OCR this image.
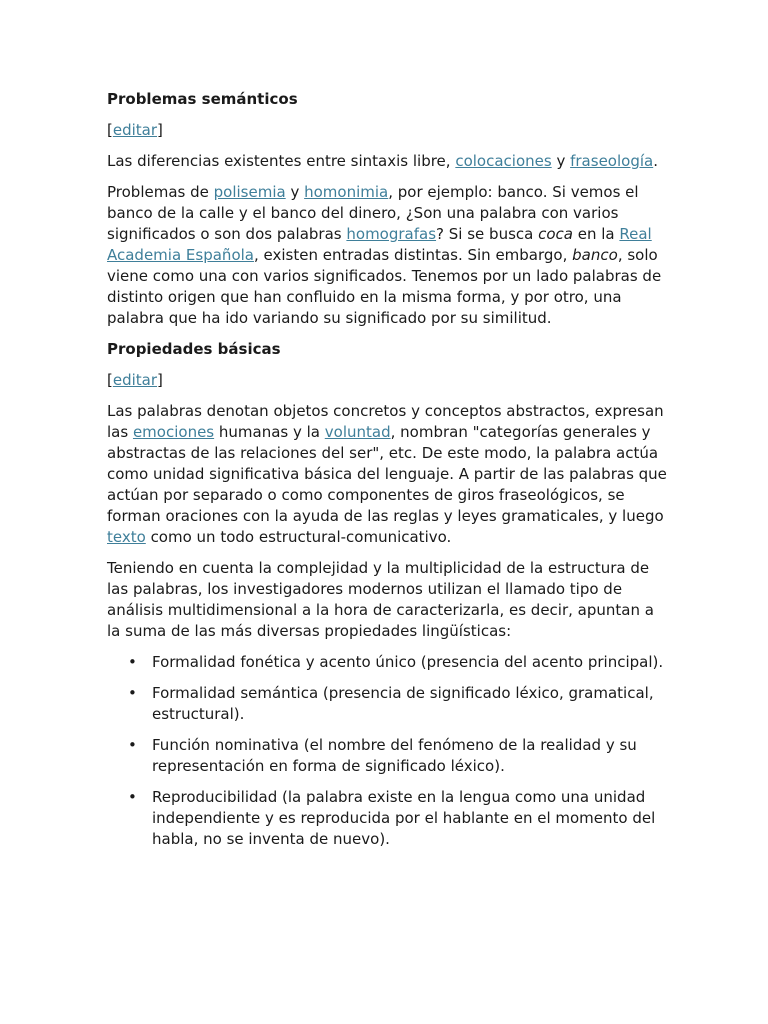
Problemas semánticos

[editar]

Las diferencias existentes entre sintaxis libre, colocaciones y fraseología.

Problemas de polisemia y homonimia, por ejemplo: banco. Si vemos el banco de la calle y el banco del dinero, ¿Son una palabra con varios significados o son dos palabras homografas? Si se busca coca en la Real Academia Española, existen entradas distintas. Sin embargo, banco, solo viene como una con varios significados. Tenemos por un lado palabras de distinto origen que han confluido en la misma forma, y por otro, una palabra que ha ido variando su significado por su similitud.

Propiedades básicas

[editar]

Las palabras denotan objetos concretos y conceptos abstractos, expresan las emociones humanas y la voluntad, nombran "categorías generales y abstractas de las relaciones del ser", etc. De este modo, la palabra actúa como unidad significativa básica del lenguaje. A partir de las palabras que actúan por separado o como componentes de giros fraseológicos, se forman oraciones con la ayuda de las reglas y leyes gramaticales, y luego texto como un todo estructural-comunicativo.

Teniendo en cuenta la complejidad y la multiplicidad de la estructura de las palabras, los investigadores modernos utilizan el llamado tipo de análisis multidimensional a la hora de caracterizarla, es decir, apuntan a la suma de las más diversas propiedades lingüísticas:

• Formalidad fonética y acento único (presencia del acento principal).
• Formalidad semántica (presencia de significado léxico, gramatical, estructural).
• Función nominativa (el nombre del fenómeno de la realidad y su representación en forma de significado léxico).
• Reproducibilidad (la palabra existe en la lengua como una unidad independiente y es reproducida por el hablante en el momento del habla, no se inventa de nuevo).
